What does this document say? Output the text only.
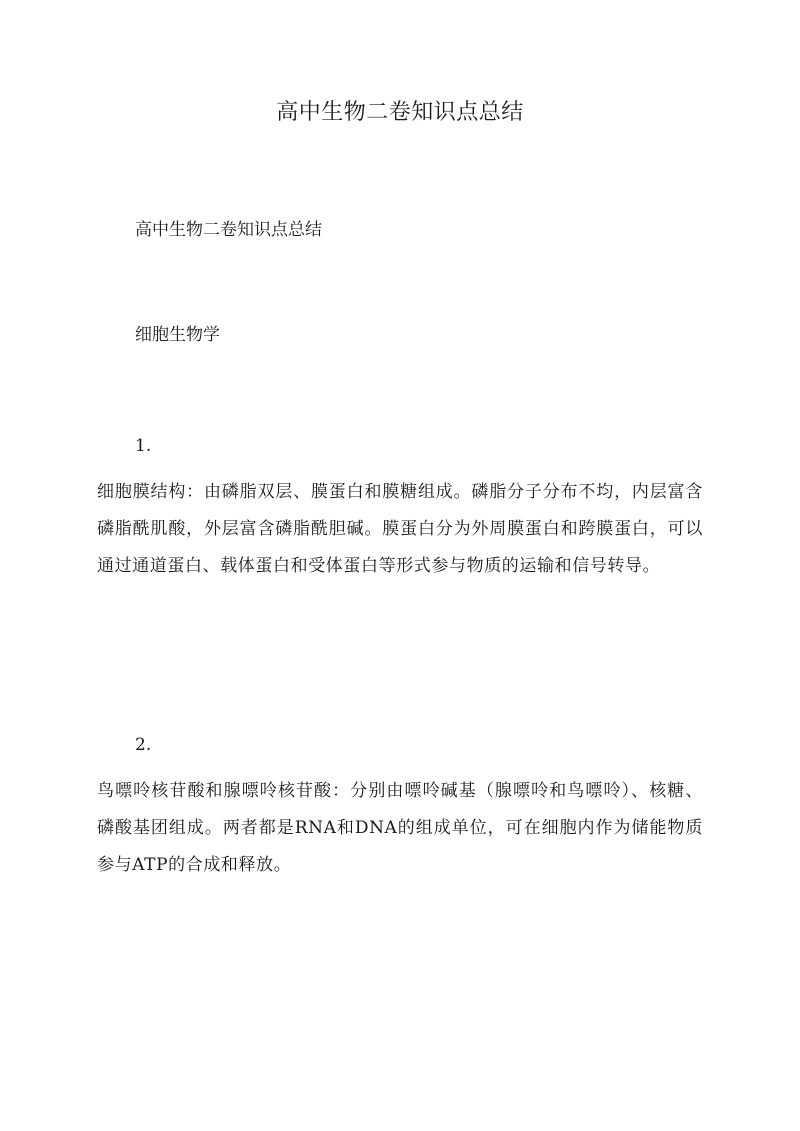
高中生物二卷知识点总结

高中生物二卷知识点总结

细胞生物学

1.

细胞膜结构：由磷脂双层、膜蛋白和膜糖组成。磷脂分子分布不均，内层富含磷脂酰肌酸，外层富含磷脂酰胆碱。膜蛋白分为外周膜蛋白和跨膜蛋白，可以通过通道蛋白、载体蛋白和受体蛋白等形式参与物质的运输和信号转导。

2.

鸟嘌呤核苷酸和腺嘌呤核苷酸：分别由嘌呤碱基（腺嘌呤和鸟嘌呤）、核糖、磷酸基团组成。两者都是RNA和DNA的组成单位，可在细胞内作为储能物质参与ATP的合成和释放。
